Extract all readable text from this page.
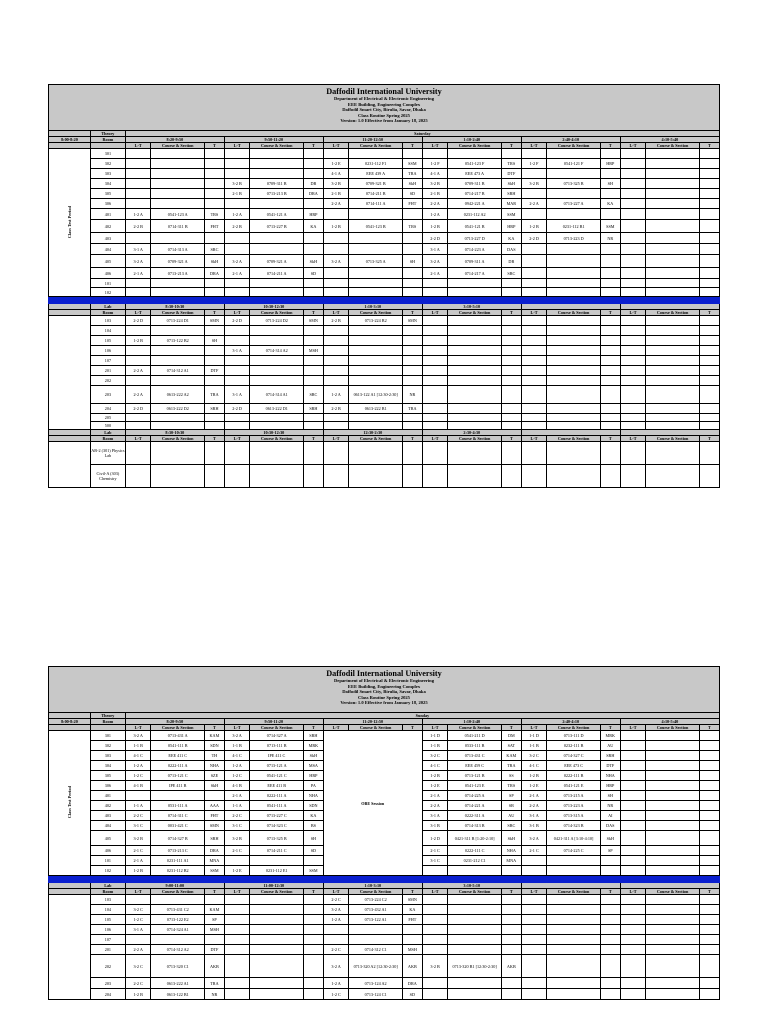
Daffodil International University
Department of Electrical & Electronic Engineering
EEE Building, Engineering Complex
Daffodil Smart City, Birulia, Savar, Dhaka
Class Routine Spring 2025
Version: 1.0 Effective from January 18, 2025
	Theory	Saturday																	
8:00-8:20	Room	8:20-9:50			9:50-11:20			11:20-12:50			1:10-2:40			2:40-4:10			4:10-5:40		
		L-T	Course & Section	T	L-T	Course & Section	T	L-T	Course & Section	T	L-T	Course & Section	T	L-T	Course & Section	T	L-T	Course & Section	T
Class Test Period	301																		
	302							1-2 E	0231-112 F1	SSM	1-2 F	0541-123 F	TRS	1-2 F	0541-121 F	HRP			
	303							4-1 A	EEE 439 A	TRA	4-1 A	EEE 473 A	DTF						
	304				3-2 B	0709-311 B	DB	3-2 B	0709-321 B	SkH	3-2 B	0709-311 B	SkH	3-2 B	0713-325 B	SH			
	305				2-1 B	0713-213 B	DRA	2-1 B	0714-211 B	SD	2-1 B	0714-217 B	SRH						
	306							2-2 A	0714-111 A	FHT	2-2 A	0942-221 A	MAR	2-2 A	0713-227 A	KA			
	401	1-2 A	0541-123 A	TRS	1-2 A	0541-121 A	HRP				1-2 A	0231-112 A2	SSM						
	402	2-2 B	0714-311 B	FHT	2-2 B	0713-227 B	KA	1-2 B	0541-123 B	TRS	1-2 B	0541-121 B	HRP	1-2 B	0231-112 B1	SSM			
	403										2-2 D	0713-227 D	KA	2-2 D	0713-223 D	NR			
	404	3-1 A	0714-313 A	SRC							3-1 A	0714-223 A	DAS						
	405	3-2 A	0709-321 A	SkH	3-2 A	0709-321 A	SkH	3-2 A	0713-325 A	SH	3-2 A	0709-311 A	DB						
	406	2-1 A	0713-213 A	DRA	2-1 A	0714-211 A	SD				2-1 A	0714-217 A	SRC						
	101																		
	102																		

	Lab	8:30-10:30			10:30-12:30			1:10-3:10			3:10-5:10								
	Room	L-T	Course & Section	T	L-T	Course & Section	T	L-T	Course & Section	T	L-T	Course & Section	T	L-T	Course & Section	T	L-T	Course & Section	T
	103	2-2 D	0713-224 D1	SMN	2-2 D	0713-224 D2	SMN	2-2 B	0713-224 B2	SMN									
	104																		
	105	1-2 B	0713-122 B2	SH															
	106				3-1 A	0714-314 A2	MSH												
	107																		
	201	2-2 A	0714-312 A1	DTF															
	202																		
	203	2-2 A	0613-222 A2	TRA	3-1 A	0714-314 A1	SRC	1-2 A	0613-122 A1 [12:30-2:30]	NR									
	204	2-2 D	0613-222 D2	SRH	2-2 D	0613-222 D1	SRH	2-2 B	0613-222 B1	TRA									
	205																		
	500																		
	Lab	8:30-10:30			10:30-12:30			12:30-2:30			2:30-4:30								
	Room	L-T	Course & Section	T	L-T	Course & Section	T	L-T	Course & Section	T	L-T	Course & Section	T	L-T	Course & Section	T	L-T	Course & Section	T
	AB-2 (301) Physics Lab																		
	Civil-A (303) Chemistry																		
Daffodil International University
Department of Electrical & Electronic Engineering
EEE Building, Engineering Complex
Daffodil Smart City, Birulia, Savar, Dhaka
Class Routine Spring 2025
Version: 1.0 Effective from January 18, 2025
	Theory	Sunday																	
8:00-8:20	Room	8:20-9:50			9:50-11:20			11:20-12:50			1:10-2:40			2:40-4:10			4:10-5:40		
		L-T	Course & Section	T	L-T	Course & Section	T	L-T	Course & Section	T	L-T	Course & Section	T	L-T	Course & Section	T	L-T	Course & Section	T
Class Test Period	301	3-2 A	0713-431 A	KAM	3-2 A	0714-327 A	SRH	OBE Session			1-1 D	0541-211 D	DM	1-1 D	0713-111 D	MRK			
	302	1-1 B	0541-111 B	SDN	1-1 B	0713-111 B	MRK				1-1 B	0533-111 B	SAT	1-1 B	0232-111 B	AU			
	303	4-1 C	EEE 411 C	TH	4-1 C	IPE 411 C	SkH				3-2 C	0713-431 C	KAM	3-2 C	0714-327 C	SRH			
	304	1-2 A	0222-111 A	NHA	1-2 A	0713-121 A	MSA				4-1 C	EEE 459 C	TRA	4-1 C	EEE 473 C	DTF			
	305	1-2 C	0713-121 C	SZE	1-2 C	0541-121 C	HRP				1-2 B	0713-121 B	SS	1-2 B	0222-111 B	NHA			
	306	4-1 B	IPE 411 B	SkH	4-1 B	EEE 411 B	PA				1-2 E	0541-123 E	TRS	1-2 E	0541-121 E	HRP			
	401				2-1 A	0222-111 A	NHA				2-1 A	0714-225 A	SP	2-1 A	0713-215 A	SH			
	402	1-1 A	0531-111 A	AAA	1-1 A	0541-111 A	SDN				2-2 A	0714-221 A	SR	2-2 A	0713-223 A	NR			
	403	2-2 C	0714-311 C	FHT	2-2 C	0713-227 C	KA				3-1 A	0222-311 A	AU	3-1 A	0713-315 A	AI			
	404	3-1 C	0031-421 C	SMN	3-1 C	0714-323 C	BS				3-1 B	0714-313 B	SRC	3-1 B	0714-323 B	DAS			
	405	3-2 B	0714-327 B	SRH	3-2 B	0713-325 B	SH				1-2 D	0421-311 B [1:20-2:10]	SkH	3-2 A	0421-311 A [3:10-4:10]	SkH			
	406	2-1 C	0713-213 C	DRA	2-1 C	0714-211 C	SD				2-1 C	0222-111 C	NHA	2-1 C	0714-225 C	SP			
	101	2-1 A	0231-111 A1	MNA							3-1 C	0231-212 C1	MNA						
	102	1-2 B	0231-112 B2	SSM	1-2 E	0231-112 E1	SSM												

	Lab	9:00-11:00			11:00-12:30			1:10-3:10			3:10-5:10								
	Room	L-T	Course & Section	T	L-T	Course & Section	T	L-T	Course & Section	T	L-T	Course & Section	T	L-T	Course & Section	T	L-T	Course & Section	T
	103							2-2 C	0713-224 C2	SMN									
	104	3-2 C	0713-431 C2	KAM				3-2 A	0713-432 A1	KA									
	105	1-2 C	0713-122 E2	SP				1-2 A	0713-122 A1	FHT									
	106	3-1 A	0714-324 A1	MSH															
	107																		
	201	2-2 A	0714-312 A2	DTF				2-2 C	0714-312 C1	MSH									
	202	3-2 C	0713-320 C1	AKB				3-2 A	0713-320 A2 [12:30-2:30]	AKB	3-2 B	0713-320 B1 [12:30-2:30]	AKB						
	203	2-2 C	0613-222 A1	TRA				1-2 A	0713-124 A2	DRA									
	204	1-2 B	0613-122 B1	NR				1-2 C	0713-124 C1	SD									
